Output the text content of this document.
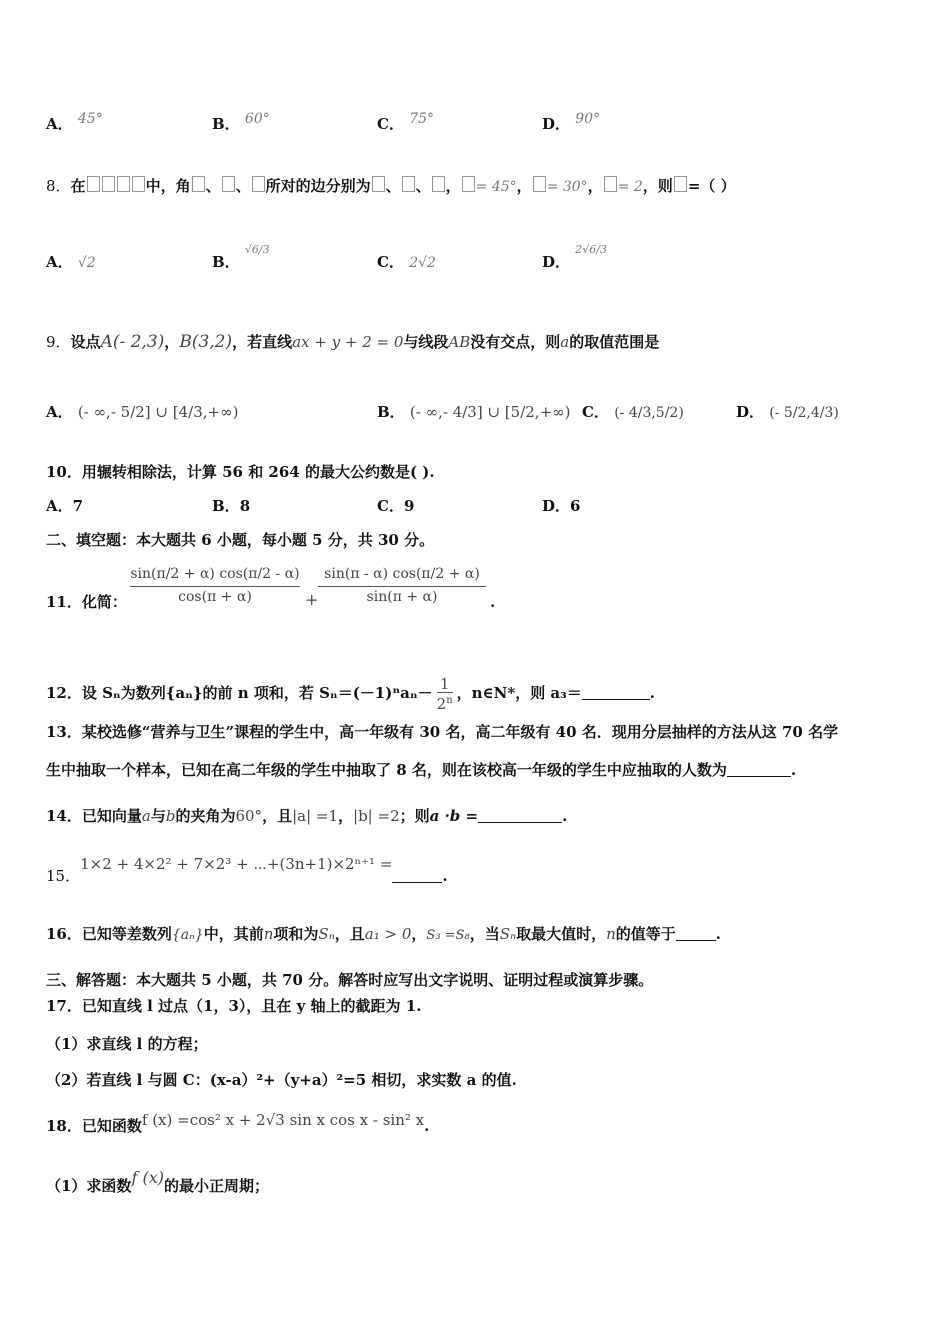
A． 45°	B． 60°	C． 75°	D． 90°
8．在	中，角 、 、 所对的边分别为 、 、 ， = 45°， = 30°， = 2，则 =（ ）
A． √2	B． $^{√6/3}$
C． 2√2	D． $^{2√6/3}$
9．设点A(- 2,3)，B(3,2)，若直线ax + y + 2 = 0与线段AB没有交点，则a的取值范围是
A． (- ∞,- 5/2] ∪ [4/3,+∞)	B． (- ∞,- 4/3] ∪ [5/2,+∞) C． (- 4/3,5/2)	D． (- 5/2,4/3)
10．用辗转相除法，计算 56 和 264 的最大公约数是( ).
A．7	B．8	C．9	D．6
二、填空题：本大题共 6 小题，每小题 5 分，共 30 分。
11．化简： $\frac{\sin(\pi/2 + \alpha) \cos(\pi/2 - \alpha)}{\cos(\pi + \alpha)} + \frac{\sin(\pi - \alpha) \cos(\pi/2 + \alpha)}{\sin(\pi + \alpha)}$ .
12．设 Sₙ为数列{aₙ}的前 n 项和，若 $S_n=(-1)^na_n- \frac{1}{2^n}$ ，n∈N*，则 a₃＝	.
13．某校选修“营养与卫生”课程的学生中，高一年级有 30 名，高二年级有 40 名．现用分层抽样的方法从这 70 名学
生中抽取一个样本，已知在高二年级的学生中抽取了 8 名，则在该校高一年级的学生中应抽取的人数为	.
14．已知向量a与b的夹角为60°，且|a| =1，|b| =2；则a ·b =	.
15．1×2 + 4×2² + 7×2³ + ⋯+(3n+1)×2ⁿ⁺¹ =.
16．已知等差数列{aₙ}中，其前n项和为Sₙ，且a₁ > 0，S₃ =S₈，当Sₙ取最大值时，n的值等于	.
三、解答题：本大题共 5 小题，共 70 分。解答时应写出文字说明、证明过程或演算步骤。
17．已知直线 l 过点（1，3），且在 y 轴上的截距为 1.
（1）求直线 l 的方程；
（2）若直线 l 与圆 C：(x-a）²+（y+a）²=5 相切，求实数 a 的值.
18．已知函数f (x) =cos² x + 2√3 sin x cos x - sin² x.
（1）求函数f (x)的最小正周期；
